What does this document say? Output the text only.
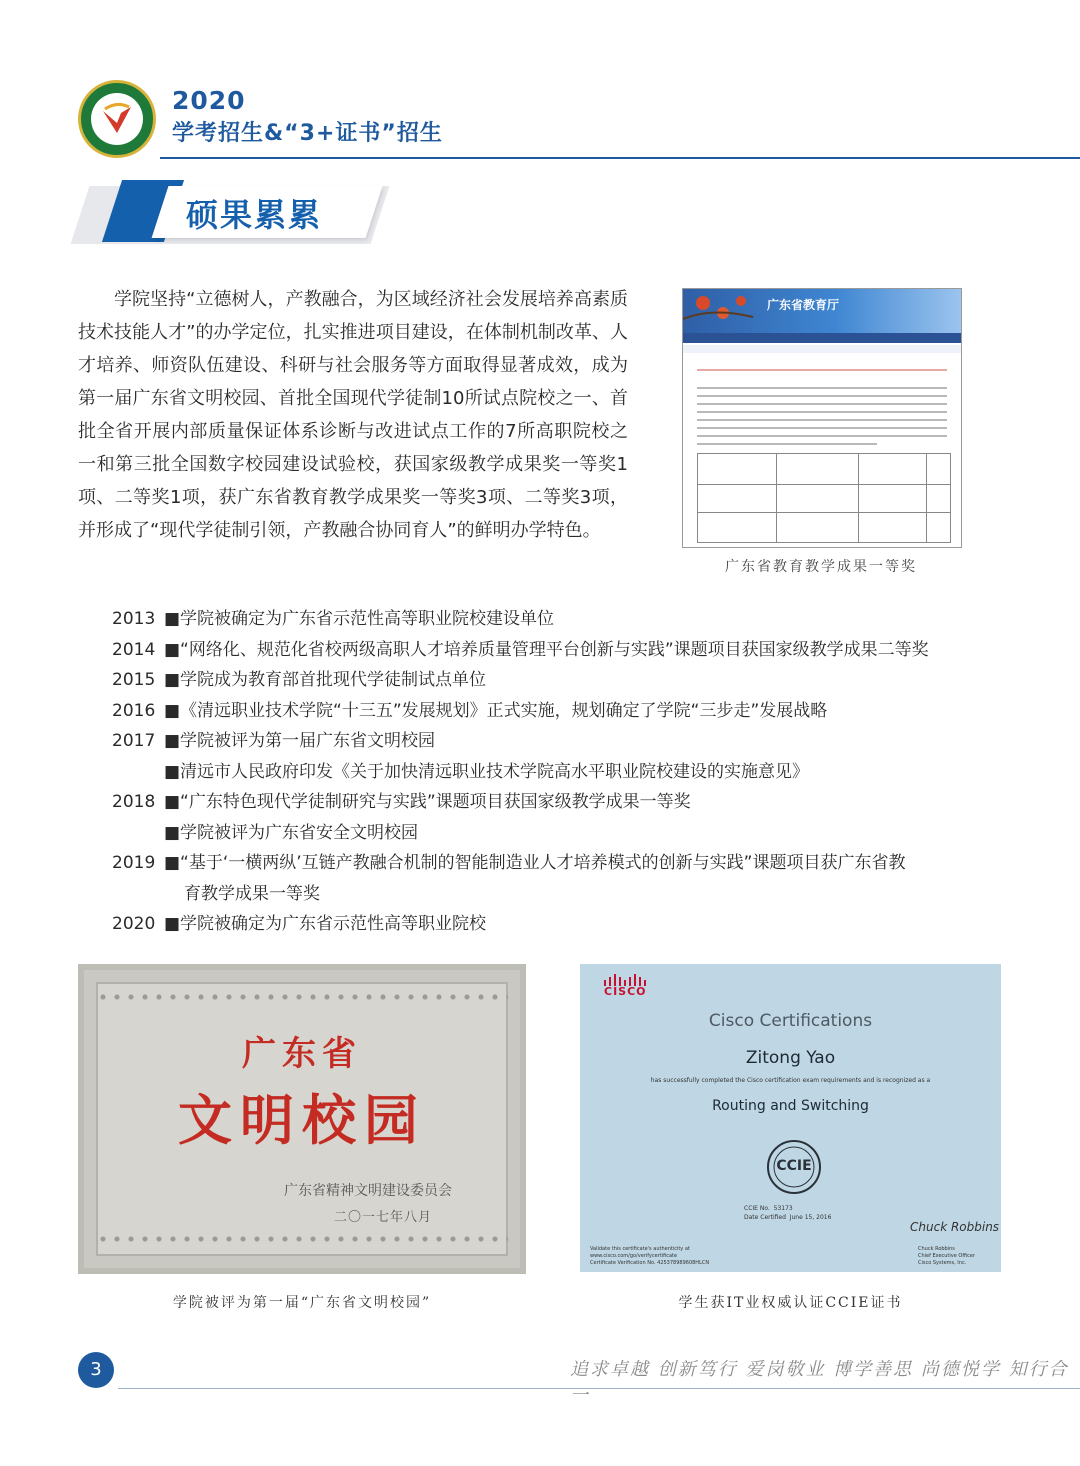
2020
学考招生&“3+证书”招生
硕果累累
学院坚持“立德树人，产教融合，为区域经济社会发展培养高素质技术技能人才”的办学定位，扎实推进项目建设，在体制机制改革、人才培养、师资队伍建设、科研与社会服务等方面取得显著成效，成为第一届广东省文明校园、首批全国现代学徒制10所试点院校之一、首批全省开展内部质量保证体系诊断与改进试点工作的7所高职院校之一和第三批全国数字校园建设试验校，获国家级教学成果奖一等奖1项、二等奖1项，获广东省教育教学成果奖一等奖3项、二等奖3项，并形成了“现代学徒制引领，产教融合协同育人”的鲜明办学特色。
广东省教育厅
广东省教育教学成果一等奖
2013 ■学院被确定为广东省示范性高等职业院校建设单位
2014 ■“网络化、规范化省校两级高职人才培养质量管理平台创新与实践”课题项目获国家级教学成果二等奖
2015 ■学院成为教育部首批现代学徒制试点单位
2016 ■《清远职业技术学院“十三五”发展规划》正式实施，规划确定了学院“三步走”发展战略
2017 ■学院被评为第一届广东省文明校园
■清远市人民政府印发《关于加快清远职业技术学院高水平职业院校建设的实施意见》
2018 ■“广东特色现代学徒制研究与实践”课题项目获国家级教学成果一等奖
■学院被评为广东省安全文明校园
2019 ■“基于‘一横两纵’互链产教融合机制的智能制造业人才培养模式的创新与实践”课题项目获广东省教
育教学成果一等奖
2020 ■学院被确定为广东省示范性高等职业院校
广东省
文明校园
广东省精神文明建设委员会
二〇一七年八月
学院被评为第一届“广东省文明校园”
CISCO
Cisco Certifications
Zitong Yao
has successfully completed the Cisco certification exam requirements and is recognized as a
Routing and Switching
CCIE
CCIE No. 53173
Date Certified June 15, 2016
Chuck Robbins
Validate this certificate's authenticity at
www.cisco.com/go/verifycertificate
Certificate Verification No. 425378989608HLCN
Chuck Robbins
Chief Executive Officer
Cisco Systems, Inc.
学生获IT业权威认证CCIE证书
3	追求卓越 创新笃行 爱岗敬业 博学善思 尚德悦学 知行合一
